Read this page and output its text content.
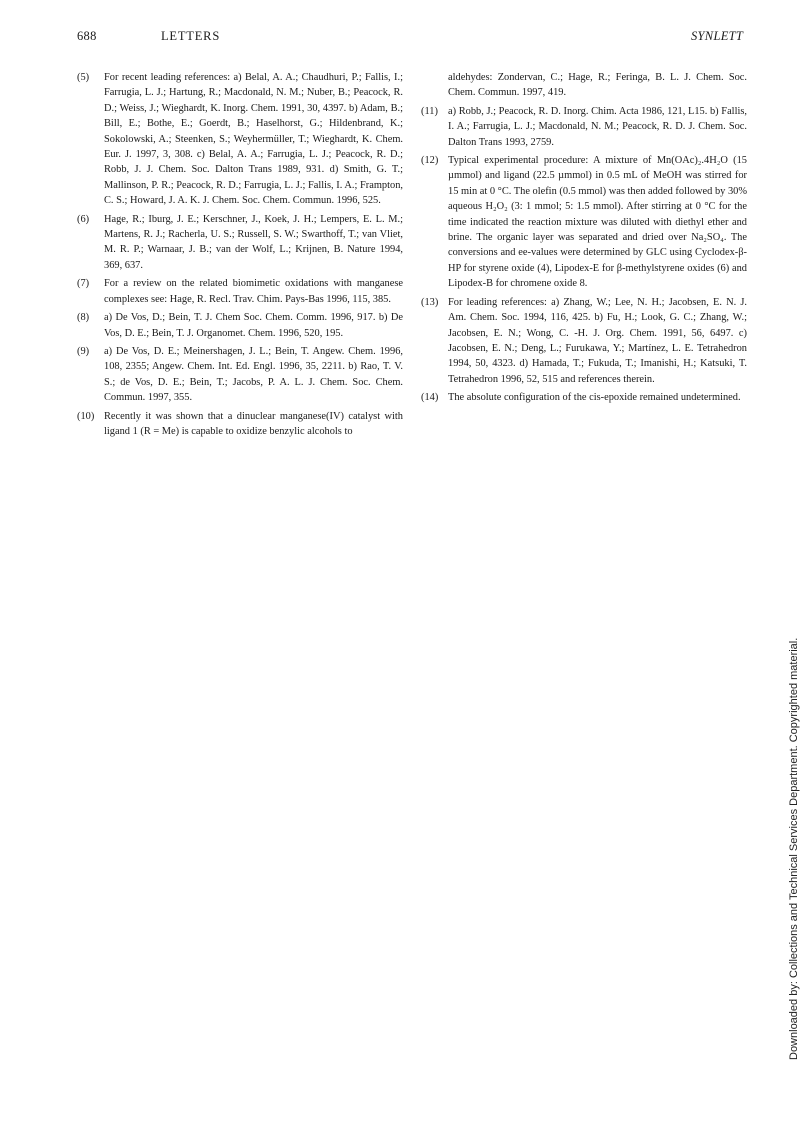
688	LETTERS	SYNLETT
(5)	For recent leading references: a) Belal, A. A.; Chaudhuri, P.; Fallis, I.; Farrugia, L. J.; Hartung, R.; Macdonald, N. M.; Nuber, B.; Peacock, R. D.; Weiss, J.; Wieghardt, K. Inorg. Chem. 1991, 30, 4397. b) Adam, B.; Bill, E.; Bothe, E.; Goerdt, B.; Haselhorst, G.; Hildenbrand, K.; Sokolowski, A.; Steenken, S.; Weyhermüller, T.; Wieghardt, K. Chem. Eur. J. 1997, 3, 308. c) Belal, A. A.; Farrugia, L. J.; Peacock, R. D.; Robb, J. J. Chem. Soc. Dalton Trans 1989, 931. d) Smith, G. T.; Mallinson, P. R.; Peacock, R. D.; Farrugia, L. J.; Fallis, I. A.; Frampton, C. S.; Howard, J. A. K. J. Chem. Soc. Chem. Commun. 1996, 525.
(6)	Hage, R.; Iburg, J. E.; Kerschner, J., Koek, J. H.; Lempers, E. L. M.; Martens, R. J.; Racherla, U. S.; Russell, S. W.; Swarthoff, T.; van Vliet, M. R. P.; Warnaar, J. B.; van der Wolf, L.; Krijnen, B. Nature 1994, 369, 637.
(7)	For a review on the related biomimetic oxidations with manganese complexes see: Hage, R. Recl. Trav. Chim. Pays-Bas 1996, 115, 385.
(8)	a) De Vos, D.; Bein, T. J. Chem Soc. Chem. Comm. 1996, 917. b) De Vos, D. E.; Bein, T. J. Organomet. Chem. 1996, 520, 195.
(9)	a) De Vos, D. E.; Meinershagen, J. L.; Bein, T. Angew. Chem. 1996, 108, 2355; Angew. Chem. Int. Ed. Engl. 1996, 35, 2211. b) Rao, T. V. S.; de Vos, D. E.; Bein, T.; Jacobs, P. A. L. J. Chem. Soc. Chem. Commun. 1997, 355.
(10) Recently it was shown that a dinuclear manganese(IV) catalyst with ligand 1 (R = Me) is capable to oxidize benzylic alcohols to
aldehydes: Zondervan, C.; Hage, R.; Feringa, B. L. J. Chem. Soc. Chem. Commun. 1997, 419.
(11) a) Robb, J.; Peacock, R. D. Inorg. Chim. Acta 1986, 121, L15. b) Fallis, I. A.; Farrugia, L. J.; Macdonald, N. M.; Peacock, R. D. J. Chem. Soc. Dalton Trans 1993, 2759.
(12) Typical experimental procedure: A mixture of Mn(OAc)₂.4H₂O (15 µmmol) and ligand (22.5 µmmol) in 0.5 mL of MeOH was stirred for 15 min at 0 °C. The olefin (0.5 mmol) was then added followed by 30% aqueous H₂O₂ (3: 1 mmol; 5: 1.5 mmol). After stirring at 0 °C for the time indicated the reaction mixture was diluted with diethyl ether and brine. The organic layer was separated and dried over Na₂SO₄. The conversions and ee-values were determined by GLC using Cyclodex-β-HP for styrene oxide (4), Lipodex-E for β-methylstyrene oxides (6) and Lipodex-B for chromene oxide 8.
(13) For leading references: a) Zhang, W.; Lee, N. H.; Jacobsen, E. N. J. Am. Chem. Soc. 1994, 116, 425. b) Fu, H.; Look, G. C.; Zhang, W.; Jacobsen, E. N.; Wong, C. -H. J. Org. Chem. 1991, 56, 6497. c) Jacobsen, E. N.; Deng, L.; Furukawa, Y.; Martínez, L. E. Tetrahedron 1994, 50, 4323. d) Hamada, T.; Fukuda, T.; Imanishi, H.; Katsuki, T. Tetrahedron 1996, 52, 515 and references therein.
(14) The absolute configuration of the cis-epoxide remained undetermined.
Downloaded by: Collections and Technical Services Department. Copyrighted material.
